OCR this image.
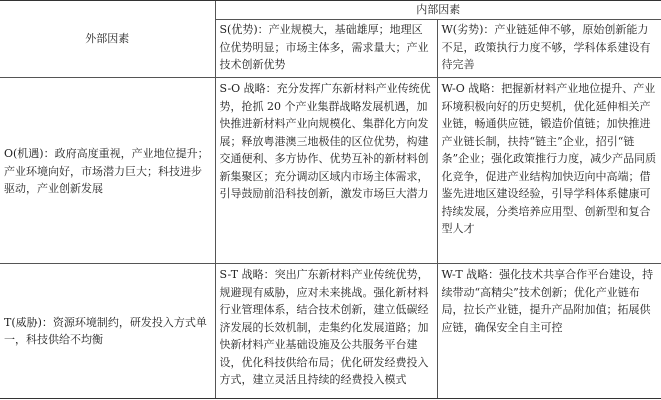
外部因素	内部因素	
	S(优势)：产业规模大，基础雄厚；地理区位优势明显；市场主体多，需求量大；产业技术创新优势	W(劣势)：产业链延伸不够，原始创新能力不足，政策执行力度不够，学科体系建设有待完善
O(机遇)：政府高度重视，产业地位提升；产业环境向好，市场潜力巨大；科技进步驱动，产业创新发展	S-O 战略：充分发挥广东新材料产业传统优势，抢抓 20 个产业集群战略发展机遇，加快推进新材料产业向规模化、集群化方向发展；释放粤港澳三地极佳的区位优势，构建交通便利、多方协作、优势互补的新材料创新集聚区；充分调动区域内市场主体需求，引导鼓励前沿科技创新，激发市场巨大潜力	W-O 战略：把握新材料产业地位提升、产业环境积极向好的历史契机，优化延伸相关产业链，畅通供应链，锻造价值链；加快推进产业链长制，扶持“链主”企业，招引“链条”企业；强化政策推行力度，减少产品同质化竞争，促进产业结构加快迈向中高端；借鉴先进地区建设经验，引导学科体系健康可持续发展，分类培养应用型、创新型和复合型人才
T(威胁)：资源环境制约，研发投入方式单一，科技供给不均衡	S-T 战略：突出广东新材料产业传统优势，规避现有威胁，应对未来挑战。强化新材料行业管理体系，结合技术创新，建立低碳经济发展的长效机制，走集约化发展道路；加快新材料产业基础设施及公共服务平台建设，优化科技供给布局；优化研发经费投入方式，建立灵活且持续的经费投入模式	W-T 战略：强化技术共享合作平台建设，持续带动“高精尖”技术创新；优化产业链布局，拉长产业链，提升产品附加值；拓展供应链，确保安全自主可控
